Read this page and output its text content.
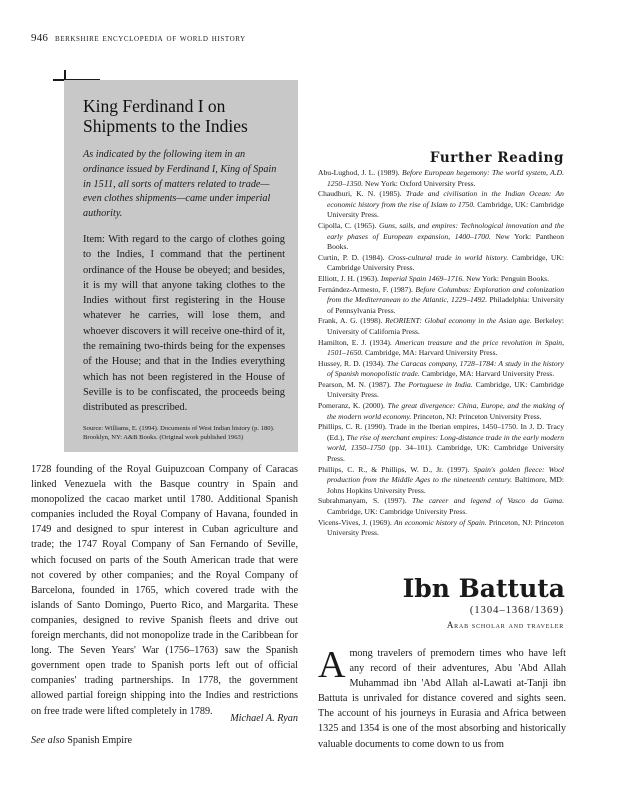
946 berkshire encyclopedia of world history
King Ferdinand I on Shipments to the Indies

As indicated by the following item in an ordinance issued by Ferdinand I, King of Spain in 1511, all sorts of matters related to trade—even clothes shipments—came under imperial authority.

Item: With regard to the cargo of clothes going to the Indies, I command that the pertinent ordinance of the House be obeyed; and besides, it is my will that anyone taking clothes to the Indies without first registering in the House whatever he carries, will lose them, and whoever discovers it will receive one-third of it, the remaining two-thirds being for the expenses of the House; and that in the Indies everything which has not been registered in the House of Seville is to be confiscated, the proceeds being distributed as prescribed.

Source: Williams, E. (1994). Documents of West Indian history (p. 180). Brooklyn, NY: A&B Books. (Original work published 1963)

1728 founding of the Royal Guipuzcoan Company of Caracas linked Venezuela with the Basque country in Spain and monopolized the cacao market until 1780. Additional Spanish companies included the Royal Company of Havana, founded in 1749 and designed to spur interest in Cuban agriculture and trade; the 1747 Royal Company of San Fernando of Seville, which focused on parts of the South American trade that were not covered by other companies; and the Royal Company of Barcelona, founded in 1765, which covered trade with the islands of Santo Domingo, Puerto Rico, and Margarita. These companies, designed to revive Spanish fleets and drive out foreign merchants, did not monopolize trade in the Caribbean for long. The Seven Years' War (1756–1763) saw the Spanish government open trade to Spanish ports left out of official companies' trading partnerships. In 1778, the government allowed partial foreign shipping into the Indies and restrictions on free trade were lifted completely in 1789.

Michael A. Ryan
See also Spanish Empire
Further Reading
Abu-Lughod, J. L. (1989). Before European hegemony: The world system, A.D. 1250–1350. New York: Oxford University Press.
Chaudhuri, K. N. (1985). Trade and civilisation in the Indian Ocean: An economic history from the rise of Islam to 1750. Cambridge, UK: Cambridge University Press.
Cipolla, C. (1965). Guns, sails, and empires: Technological innovation and the early phases of European expansion, 1400–1700. New York: Pantheon Books.
Curtin, P. D. (1984). Cross-cultural trade in world history. Cambridge, UK: Cambridge University Press.
Elliott, J. H. (1963). Imperial Spain 1469–1716. New York: Penguin Books.
Fernández-Armesto, F. (1987). Before Columbus: Exploration and colonization from the Mediterranean to the Atlantic, 1229–1492. Philadelphia: University of Pennsylvania Press.
Frank, A. G. (1998). ReORIENT: Global economy in the Asian age. Berkeley: University of California Press.
Hamilton, E. J. (1934). American treasure and the price revolution in Spain, 1501–1650. Cambridge, MA: Harvard University Press.
Hussey, R. D. (1934). The Caracas company, 1728–1784: A study in the history of Spanish monopolistic trade. Cambridge, MA: Harvard University Press.
Pearson, M. N. (1987). The Portuguese in India. Cambridge, UK: Cambridge University Press.
Pomeranz, K. (2000). The great divergence: China, Europe, and the making of the modern world economy. Princeton, NJ: Princeton University Press.
Phillips, C. R. (1990). Trade in the Iberian empires, 1450–1750. In J. D. Tracy (Ed.), The rise of merchant empires: Long-distance trade in the early modern world, 1350–1750 (pp. 34–101). Cambridge, UK: Cambridge University Press.
Phillips, C. R., & Phillips, W. D., Jr. (1997). Spain's golden fleece: Wool production from the Middle Ages to the nineteenth century. Baltimore, MD: Johns Hopkins University Press.
Subrahmanyam, S. (1997). The career and legend of Vasco da Gama. Cambridge, UK: Cambridge University Press.
Vicens-Vives, J. (1969). An economic history of Spain. Princeton, NJ: Princeton University Press.
Ibn Battuta
(1304–1368/1369)
Arab scholar and traveler

Among travelers of premodern times who have left any record of their adventures, Abu 'Abd Allah Muhammad ibn 'Abd Allah al-Lawati at-Tanji ibn Battuta is unrivaled for distance covered and sights seen. The account of his journeys in Eurasia and Africa between 1325 and 1354 is one of the most absorbing and historically valuable documents to come down to us from
